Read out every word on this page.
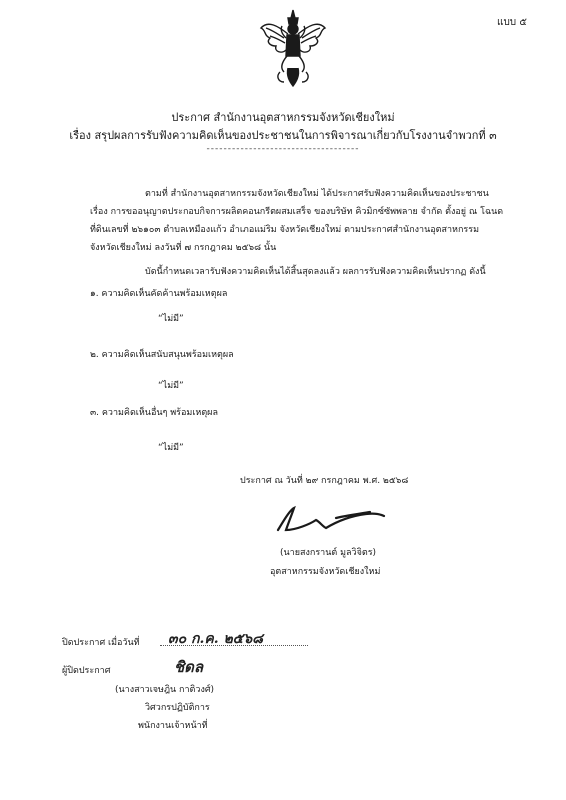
แบบ ๕
ประกาศ สำนักงานอุตสาหกรรมจังหวัดเชียงใหม่
เรื่อง สรุปผลการรับฟังความคิดเห็นของประชาชนในการพิจารณาเกี่ยวกับโรงงานจำพวกที่ ๓
------------------------------------
ตามที่ สำนักงานอุตสาหกรรมจังหวัดเชียงใหม่ ได้ประกาศรับฟังความคิดเห็นของประชาชน
เรื่อง การขออนุญาตประกอบกิจการผลิตคอนกรีตผสมเสร็จ ของบริษัท คิวมิกซ์ซัพพลาย จำกัด ตั้งอยู่ ณ โฉนด
ที่ดินเลขที่ ๒๖๑๐๓ ตำบลเหมืองแก้ว อำเภอแม่ริม จังหวัดเชียงใหม่ ตามประกาศสำนักงานอุตสาหกรรม
จังหวัดเชียงใหม่ ลงวันที่ ๗ กรกฎาคม ๒๕๖๘ นั้น
บัดนี้กำหนดเวลารับฟังความคิดเห็นได้สิ้นสุดลงแล้ว ผลการรับฟังความคิดเห็นปรากฏ ดังนี้
๑. ความคิดเห็นคัดค้านพร้อมเหตุผล
“ไม่มี”
๒. ความคิดเห็นสนับสนุนพร้อมเหตุผล
“ไม่มี”
๓. ความคิดเห็นอื่นๆ พร้อมเหตุผล
“ไม่มี”
ประกาศ ณ วันที่ ๒๙ กรกฎาคม พ.ศ. ๒๕๖๘
(นายสงกรานต์ มูลวิจิตร)
อุตสาหกรรมจังหวัดเชียงใหม่
ปิดประกาศ เมื่อวันที่ ๓๐ ก.ค. ๒๕๖๘
ผู้ปิดประกาศ	ชิดล
(นางสาวเจษฎิน กาติวงศ์)
วิศวกรปฏิบัติการ
พนักงานเจ้าหน้าที่
